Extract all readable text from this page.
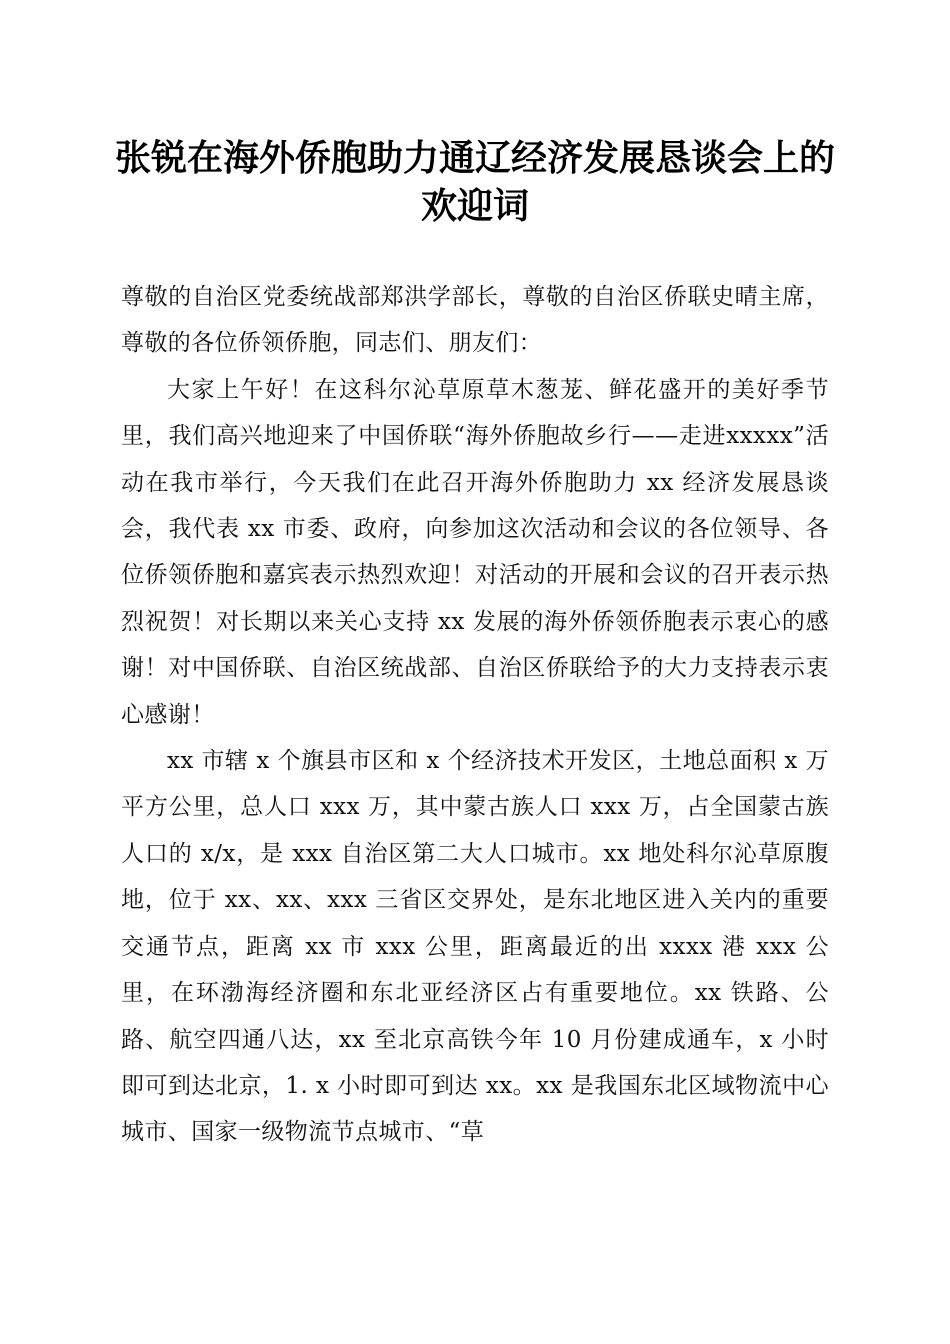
张锐在海外侨胞助力通辽经济发展恳谈会上的
欢迎词

尊敬的自治区党委统战部郑洪学部长，尊敬的自治区侨联史晴主席，尊敬的各位侨领侨胞，同志们、朋友们：

大家上午好！在这科尔沁草原草木葱茏、鲜花盛开的美好季节里，我们高兴地迎来了中国侨联“海外侨胞故乡行——走进xxxxx”活动在我市举行，今天我们在此召开海外侨胞助力 xx 经济发展恳谈会，我代表 xx 市委、政府，向参加这次活动和会议的各位领导、各位侨领侨胞和嘉宾表示热烈欢迎！对活动的开展和会议的召开表示热烈祝贺！对长期以来关心支持 xx 发展的海外侨领侨胞表示衷心的感谢！对中国侨联、自治区统战部、自治区侨联给予的大力支持表示衷心感谢！

xx 市辖 x 个旗县市区和 x 个经济技术开发区，土地总面积 x 万平方公里，总人口 xxx 万，其中蒙古族人口 xxx 万，占全国蒙古族人口的 x/x，是 xxx 自治区第二大人口城市。xx 地处科尔沁草原腹地，位于 xx、xx、xxx 三省区交界处，是东北地区进入关内的重要交通节点，距离 xx 市 xxx 公里，距离最近的出 xxxx 港 xxx 公里，在环渤海经济圈和东北亚经济区占有重要地位。xx 铁路、公路、航空四通八达，xx 至北京高铁今年 10 月份建成通车，x 小时即可到达北京，1. x 小时即可到达 xx。xx 是我国东北区域物流中心城市、国家一级物流节点城市、“草
